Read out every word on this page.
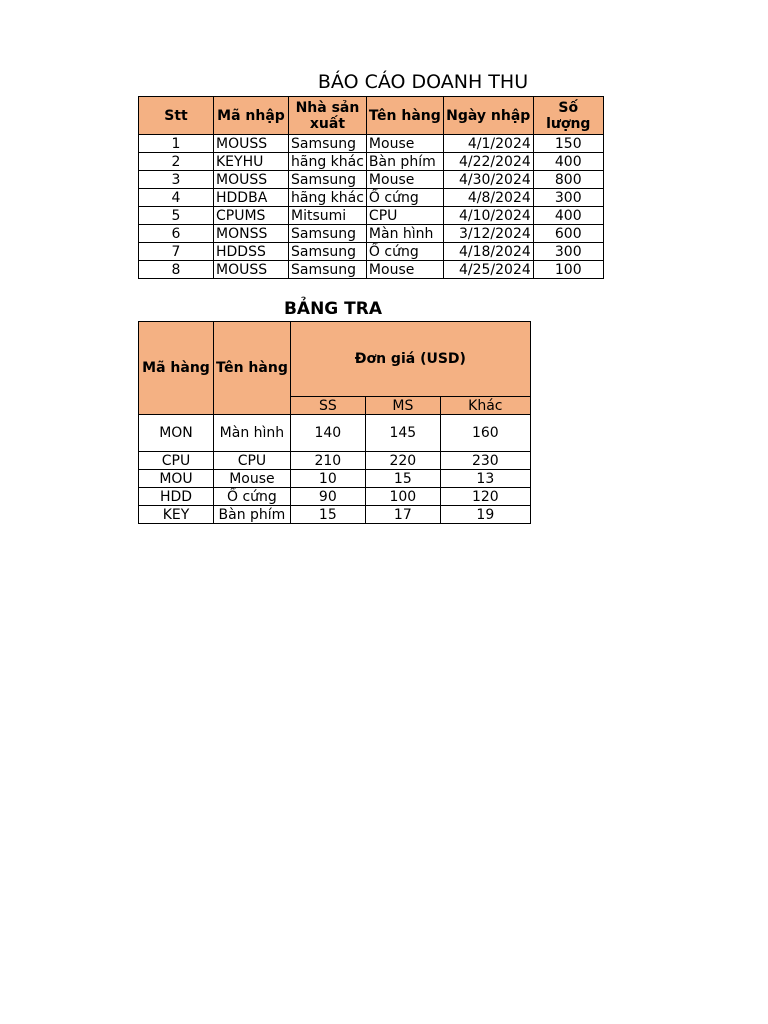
BÁO CÁO DOANH THU
Stt	Mã nhập	Nhà sản xuất	Tên hàng	Ngày nhập	Số lượng
1	MOUSS	Samsung	Mouse	4/1/2024	150
2	KEYHU	hãng khác	Bàn phím	4/22/2024	400
3	MOUSS	Samsung	Mouse	4/30/2024	800
4	HDDBA	hãng khác	Ổ cứng	4/8/2024	300
5	CPUMS	Mitsumi	CPU	4/10/2024	400
6	MONSS	Samsung	Màn hình	3/12/2024	600
7	HDDSS	Samsung	Ổ cứng	4/18/2024	300
8	MOUSS	Samsung	Mouse	4/25/2024	100
BẢNG TRA
Mã hàng	Tên hàng	Đơn giá (USD)		
		SS	MS	Khác
MON	Màn hình	140	145	160
CPU	CPU	210	220	230
MOU	Mouse	10	15	13
HDD	Ổ cứng	90	100	120
KEY	Bàn phím	15	17	19
